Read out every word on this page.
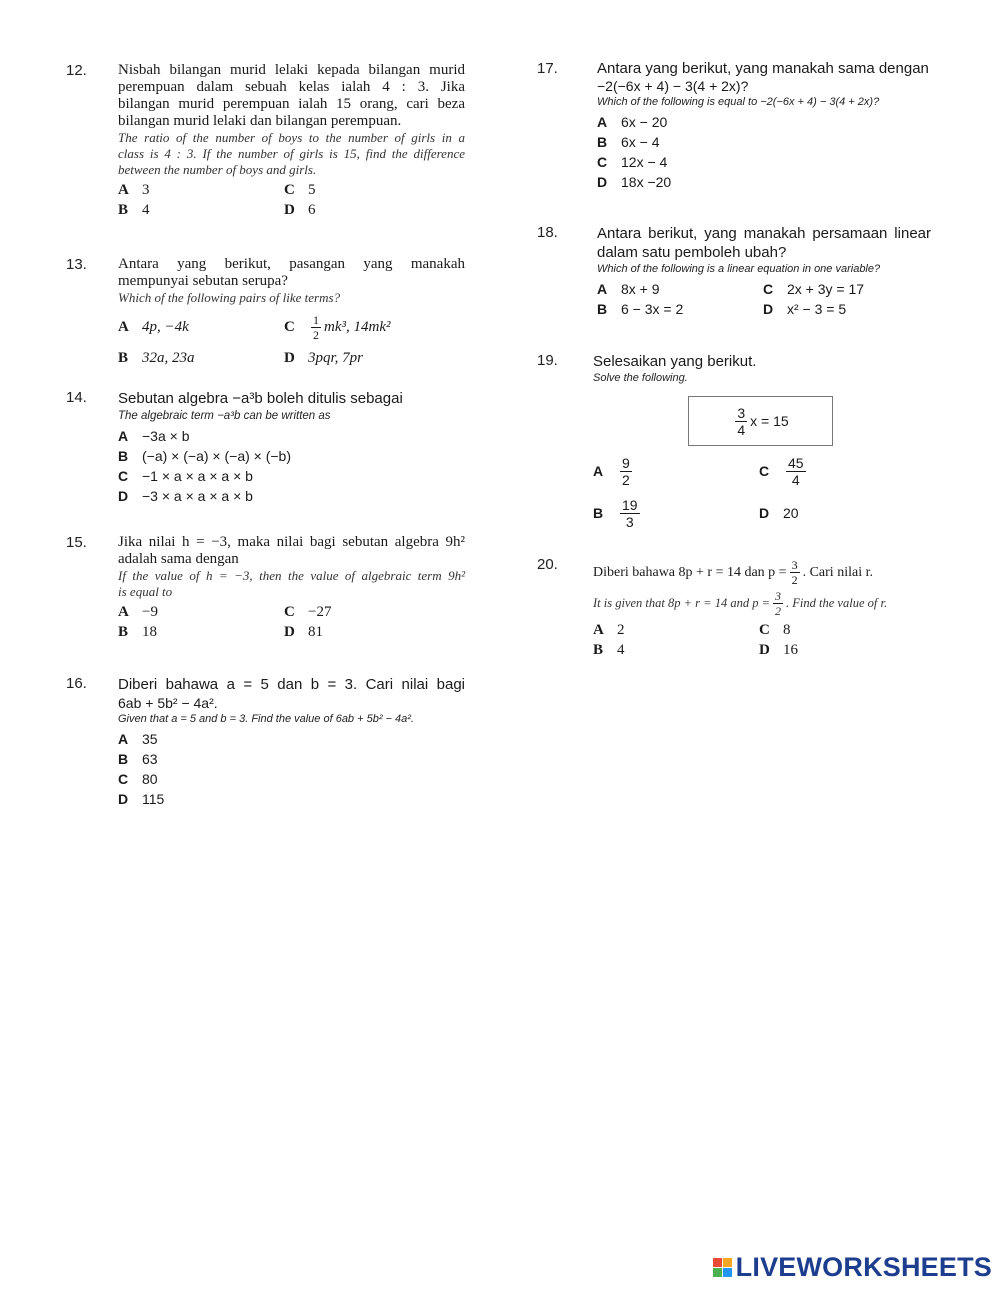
12. Nisbah bilangan murid lelaki kepada bilangan murid
perempuan dalam sebuah kelas ialah 4 : 3. Jika
bilangan murid perempuan ialah 15 orang, cari beza
bilangan murid lelaki dan bilangan perempuan.
The ratio of the number of boys to the number of girls in a
class is 4 : 3. If the number of girls is 15, find the difference
between the number of boys and girls.
A 3	C 5
B 4	D 6
13. Antara yang berikut, pasangan yang manakah
mempunyai sebutan serupa?
Which of the following pairs of like terms?
A 4p, −4k	C	$\frac{1}{2} mk^3$, 14mk²
B 32a, 23a	D 3pqr, 7pr
14. Sebutan algebra −a³b boleh ditulis sebagai
The algebraic term −a³b can be written as
A −3a × b
B (−a) × (−a) × (−a) × (−b)
C −1 × a × a × a × b
D −3 × a × a × a × b
15. Jika nilai h = −3, maka nilai bagi sebutan algebra 9h²
adalah sama dengan
If the value of h = −3, then the value of algebraic term 9h²
is equal to
A −9	C −27
B 18	D 81
16. Diberi bahawa a = 5 dan b = 3. Cari nilai bagi
6ab + 5b² − 4a².
Given that a = 5 and b = 3. Find the value of 6ab + 5b² − 4a².
A 35
B 63
C 80
D 115
17.	Antara yang berikut, yang manakah sama dengan
−2(−6x + 4) − 3(4 + 2x)?
Which of the following is equal to −2(−6x + 4) − 3(4 + 2x)?
A 6x − 20
B 6x − 4
C 12x − 4
D 18x −20
18.	Antara berikut, yang manakah persamaan linear
dalam satu pemboleh ubah?
Which of the following is a linear equation in one variable?
A 8x + 9	C 2x + 3y = 17
B 6 − 3x = 2	D x² − 3 = 5
19. Selesaikan yang berikut.
Solve the following.
$\frac{3}{4}$ x = 15
A	$\frac{9}{2}$	C	$\frac{45}{4}$
B	$\frac{19}{3}$	D 20
20.	Diberi bahawa 8p + r = 14 dan $p = \frac{3}{2}$ . Cari nilai r.
It is given that 8p + r = 14 and $p = \frac{3}{2}$ . Find the value of r.
A 2	C 8
B 4	D 16
LIVEWORKSHEETS
